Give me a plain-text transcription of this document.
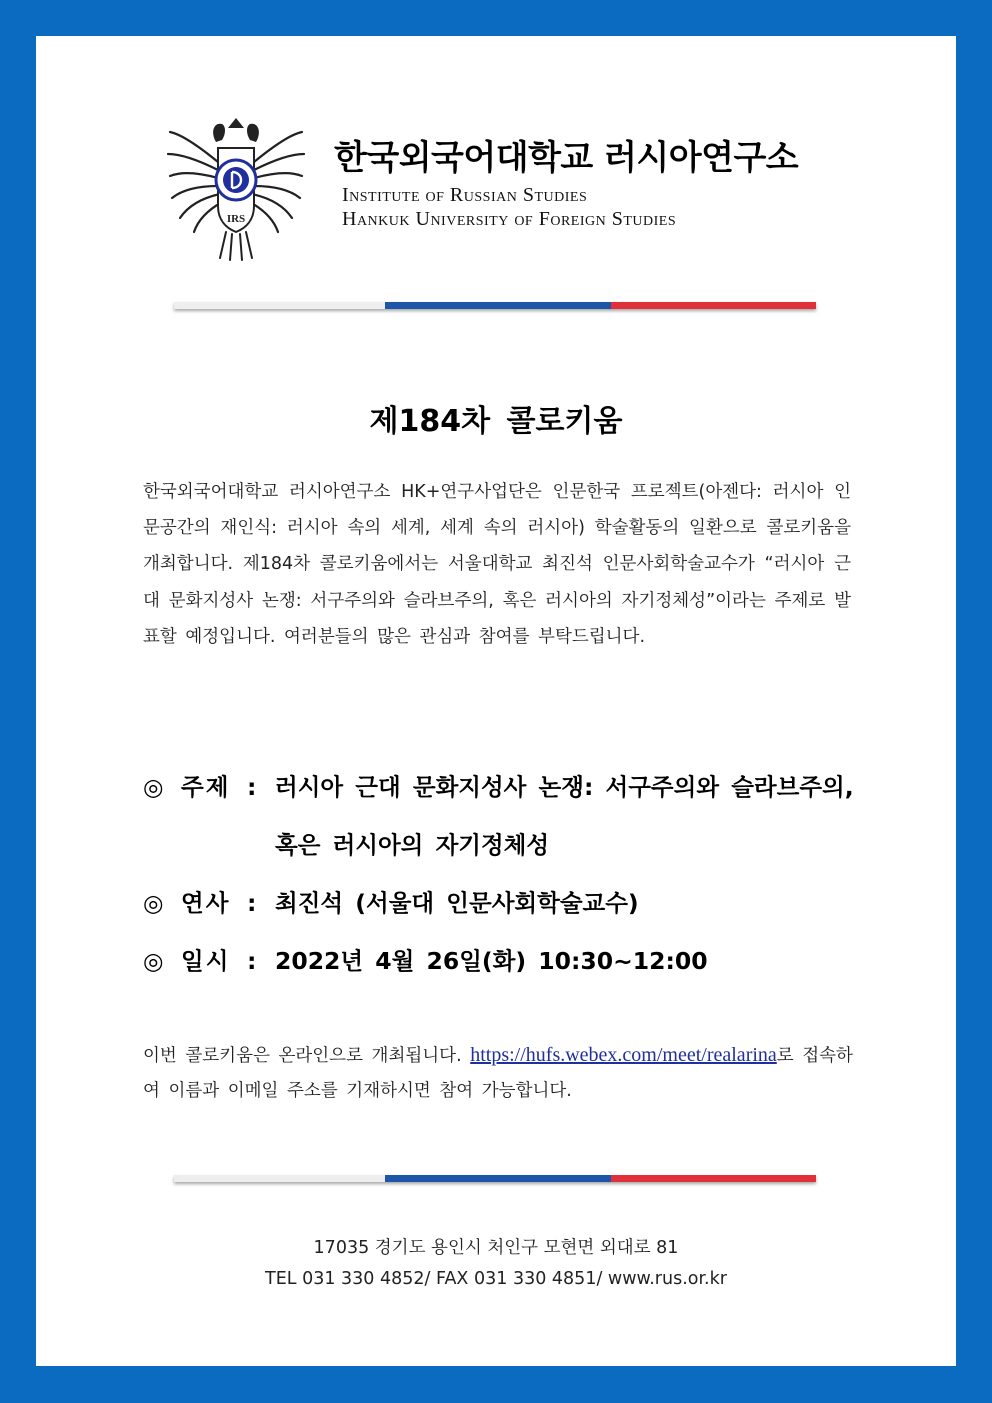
IRS
한국외국어대학교 러시아연구소
Institute of Russian Studies
Hankuk University of Foreign Studies
제184차 콜로키움
한국외국어대학교 러시아연구소 HK+연구사업단은 인문한국 프로젝트(아젠다: 러시아 인문공간의 재인식: 러시아 속의 세계, 세계 속의 러시아) 학술활동의 일환으로 콜로키움을 개최합니다. 제184차 콜로키움에서는 서울대학교 최진석 인문사회학술교수가 “러시아 근대 문화지성사 논쟁: 서구주의와 슬라브주의, 혹은 러시아의 자기정체성”이라는 주제로 발표할 예정입니다. 여러분들의 많은 관심과 참여를 부탁드립니다.
◎ 주제 : 러시아 근대 문화지성사 논쟁: 서구주의와 슬라브주의, 혹은 러시아의 자기정체성
◎ 연사 : 최진석 (서울대 인문사회학술교수)
◎ 일시 : 2022년 4월 26일(화) 10:30~12:00
이번 콜로키움은 온라인으로 개최됩니다. https://hufs.webex.com/meet/realarina로 접속하여 이름과 이메일 주소를 기재하시면 참여 가능합니다.
17035 경기도 용인시 처인구 모현면 외대로 81
TEL 031 330 4852/ FAX 031 330 4851/ www.rus.or.kr
